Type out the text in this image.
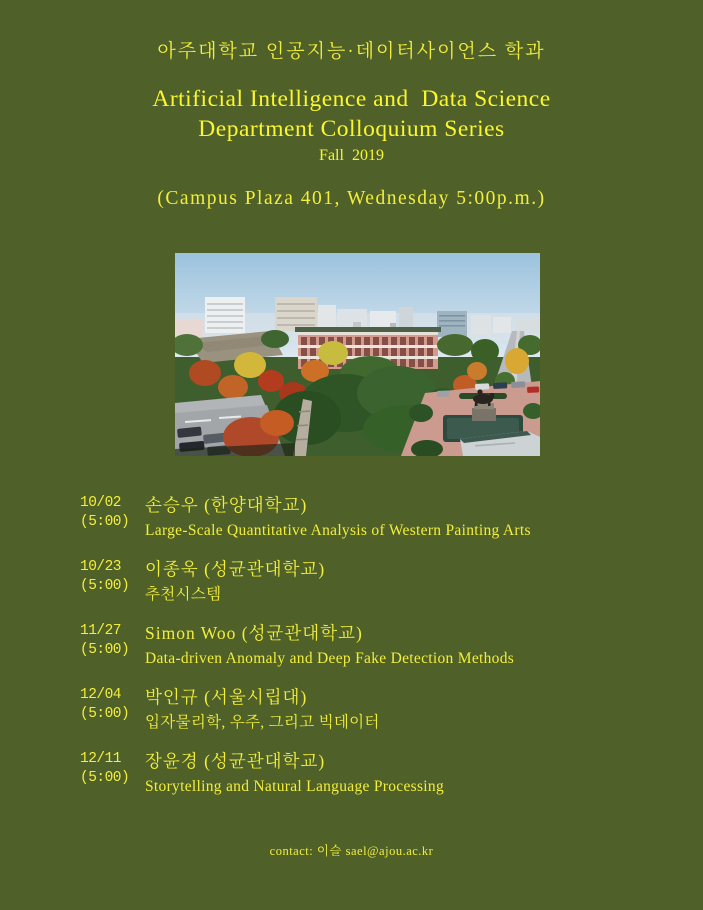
아주대학교 인공지능·데이터사이언스 학과
Artificial Intelligence and  Data Science
Department Colloquium Series
Fall  2019
(Campus Plaza 401, Wednesday 5:00p.m.)
10/02
(5:00)
손승우 (한양대학교)
Large-Scale Quantitative Analysis of Western Painting Arts
10/23
(5:00)
이종욱 (성균관대학교)
추천시스템
11/27
(5:00)
Simon Woo (성균관대학교)
Data-driven Anomaly and Deep Fake Detection Methods
12/04
(5:00)
박인규 (서울시립대)
입자물리학, 우주, 그리고 빅데이터
12/11
(5:00)
장윤경 (성균관대학교)
Storytelling and Natural Language Processing
contact: 이슬 sael@ajou.ac.kr
